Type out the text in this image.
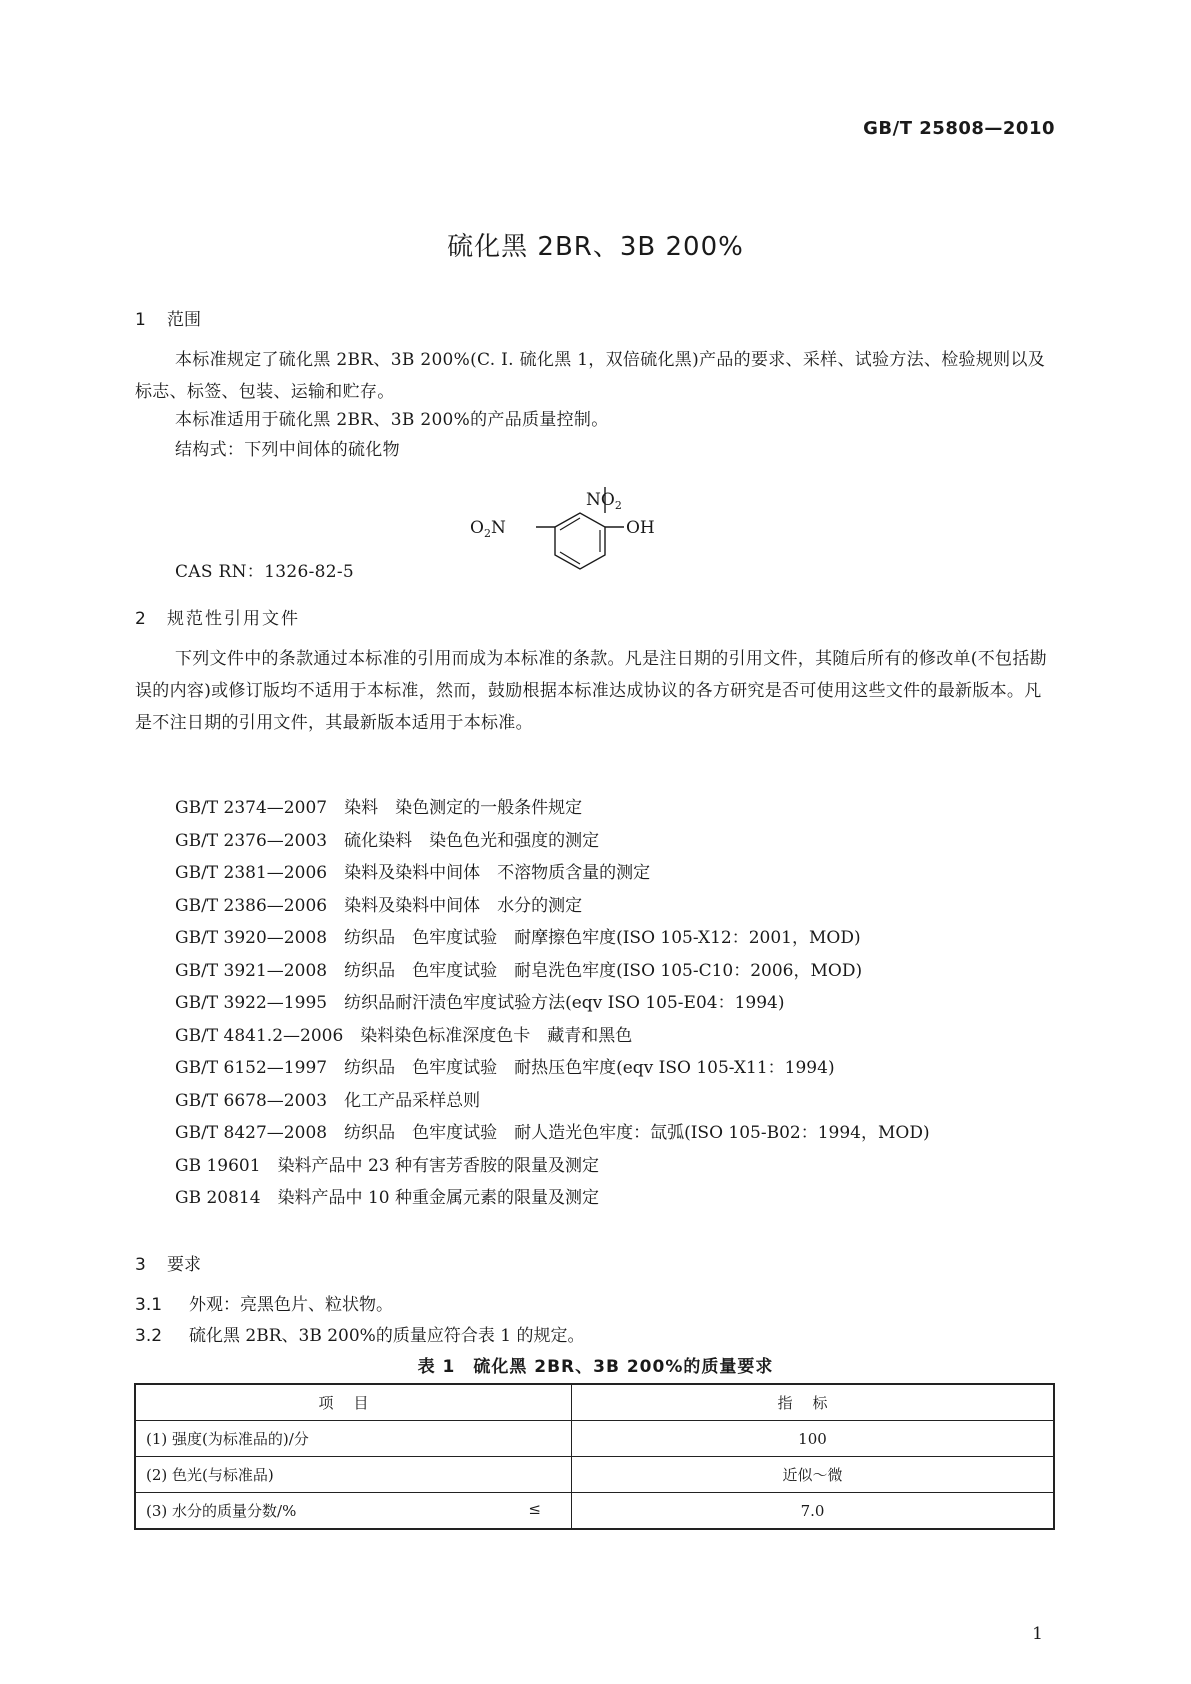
GB/T 25808—2010
硫化黑 2BR、3B 200%
1 范围
本标准规定了硫化黑 2BR、3B 200%(C. I. 硫化黑 1，双倍硫化黑)产品的要求、采样、试验方法、检验规则以及标志、标签、包装、运输和贮存。
本标准适用于硫化黑 2BR、3B 200%的产品质量控制。
结构式：下列中间体的硫化物
$NO_2$
$O_2N$	OH
CAS RN：1326-82-5
2 规范性引用文件
下列文件中的条款通过本标准的引用而成为本标准的条款。凡是注日期的引用文件，其随后所有的修改单(不包括勘误的内容)或修订版均不适用于本标准，然而，鼓励根据本标准达成协议的各方研究是否可使用这些文件的最新版本。凡是不注日期的引用文件，其最新版本适用于本标准。
GB/T 2374—2007　染料　染色测定的一般条件规定
GB/T 2376—2003　硫化染料　染色色光和强度的测定
GB/T 2381—2006　染料及染料中间体　不溶物质含量的测定
GB/T 2386—2006　染料及染料中间体　水分的测定
GB/T 3920—2008　纺织品　色牢度试验　耐摩擦色牢度(ISO 105-X12：2001，MOD)
GB/T 3921—2008　纺织品　色牢度试验　耐皂洗色牢度(ISO 105-C10：2006，MOD)
GB/T 3922—1995　纺织品耐汗渍色牢度试验方法(eqv ISO 105-E04：1994)
GB/T 4841.2—2006　染料染色标准深度色卡　藏青和黑色
GB/T 6152—1997　纺织品　色牢度试验　耐热压色牢度(eqv ISO 105-X11：1994)
GB/T 6678—2003　化工产品采样总则
GB/T 8427—2008　纺织品　色牢度试验　耐人造光色牢度：氙弧(ISO 105-B02：1994，MOD)
GB 19601　染料产品中 23 种有害芳香胺的限量及测定
GB 20814　染料产品中 10 种重金属元素的限量及测定
3 要求
3.1 外观：亮黑色片、粒状物。
3.2 硫化黑 2BR、3B 200%的质量应符合表 1 的规定。
表 1　硫化黑 2BR、3B 200%的质量要求
项目	指标

(1) 强度(为标准品的)/分	100

(2) 色光(与标准品)	近似～微

(3) 水分的质量分数/% ≤	7.0
1
